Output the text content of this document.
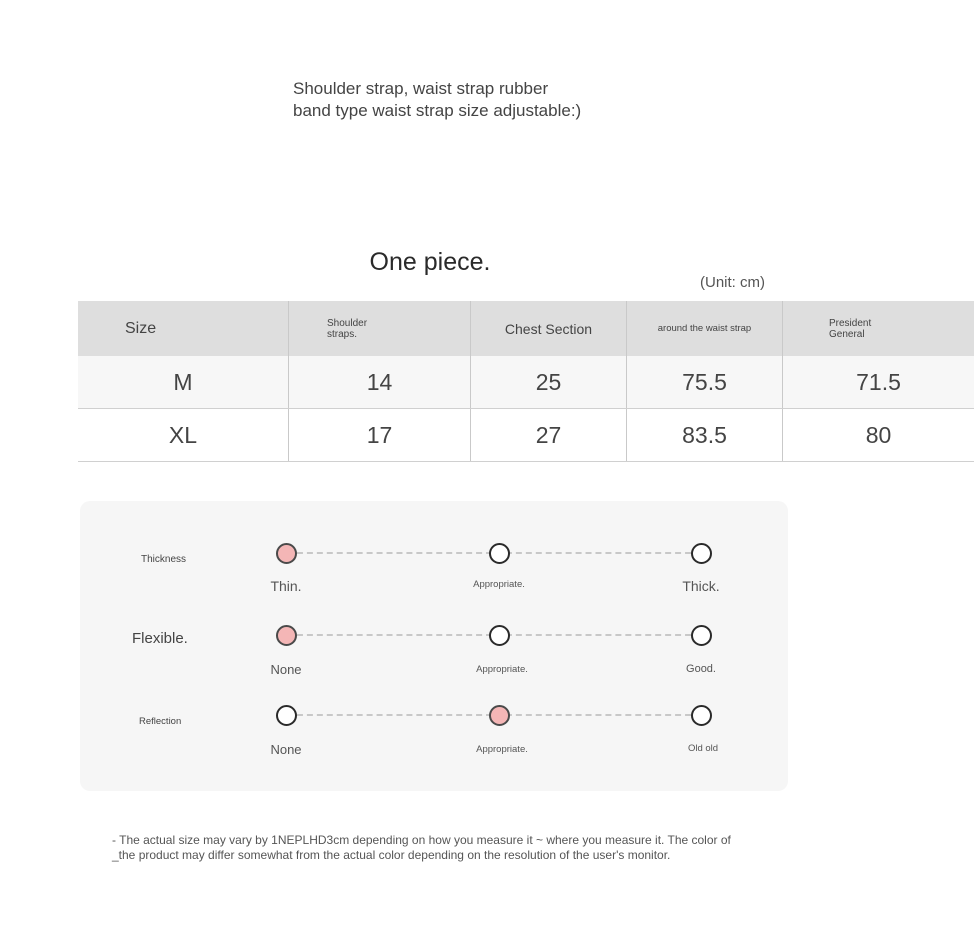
Shoulder strap, waist strap rubber
band type waist strap size adjustable:)
One piece.
(Unit: cm)
Size	Shoulder straps.	Chest Section	around the waist strap	President General
M	14	25	75.5	71.5
XL	17	27	83.5	80
Thickness
Thin.	Appropriate.	Thick.
Flexible.
None	Appropriate.	Good.
Reflection
None	Appropriate.	Old old
- The actual size may vary by 1NEPLHD3cm depending on how you measure it ~ where you measure it. The color of
_the product may differ somewhat from the actual color depending on the resolution of the user's monitor.
